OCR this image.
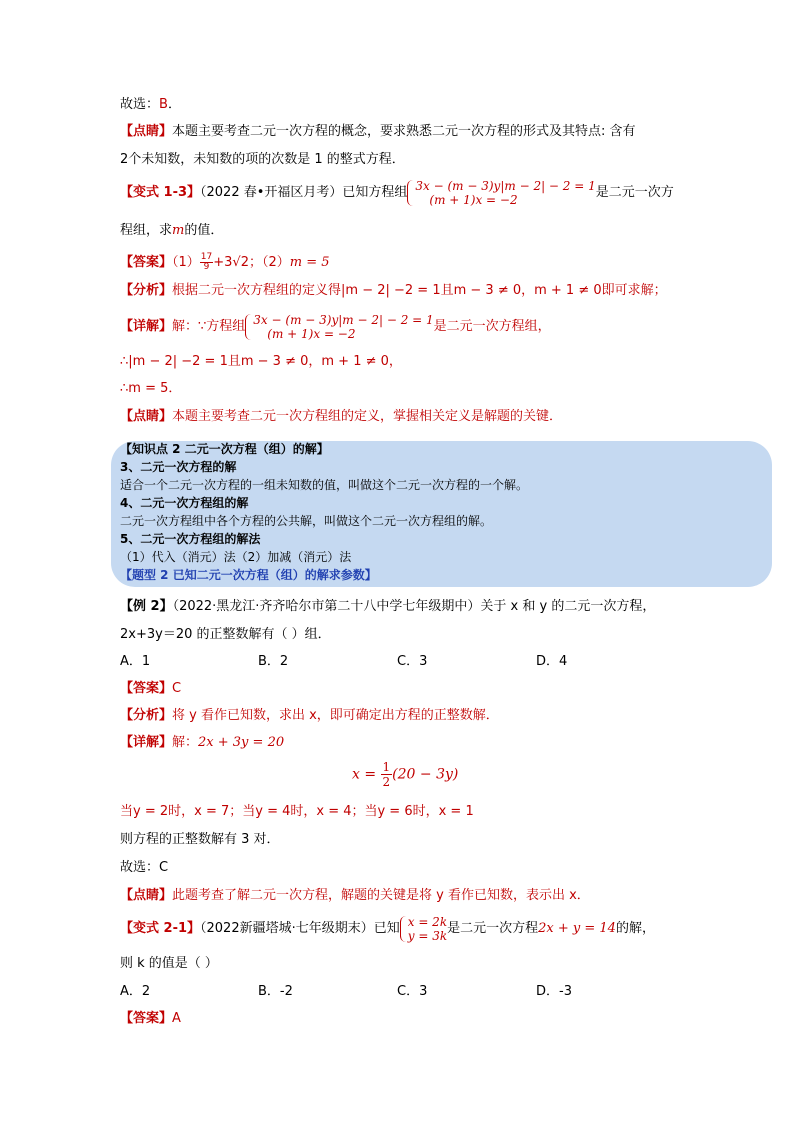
故选：B．
【点睛】本题主要考查二元一次方程的概念，要求熟悉二元一次方程的形式及其特点: 含有
2个未知数，未知数的项的次数是 1 的整式方程．
【变式 1-3】（2022 春•开福区月考）已知方程组 3x − (m − 3)y|m − 2| − 2 = 1
(m + 1)x = −2	是二元一次方
程组，求m的值．
【答案】$(1) \frac{17}{9} +3√2$；（2）m = 5
【分析】根据二元一次方程组的定义得|m − 2| −2 = 1且m − 3 ≠ 0，m + 1 ≠ 0即可求解；
【详解】解：∵方程组 3x − (m − 3)y|m − 2| − 2 = 1
(m + 1)x = −2	是二元一次方程组，
∴|m − 2| −2 = 1且m − 3 ≠ 0，m + 1 ≠ 0，
∴m = 5．
【点睛】本题主要考查二元一次方程组的定义，掌握相关定义是解题的关键．
【知识点 2 二元一次方程（组）的解】
3、二元一次方程的解
适合一个二元一次方程的一组未知数的值，叫做这个二元一次方程的一个解。
4、二元一次方程组的解
二元一次方程组中各个方程的公共解，叫做这个二元一次方程组的解。
5、二元一次方程组的解法
（1）代入（消元）法（2）加减（消元）法
【题型 2 已知二元一次方程（组）的解求参数】
【例 2】（2022·黑龙江·齐齐哈尔市第二十八中学七年级期中）关于 x 和 y 的二元一次方程，
2x+3y＝20 的正整数解有（ ）组．
A．1	B．2	C．3	D．4
【答案】C
【分析】将 y 看作已知数，求出 x，即可确定出方程的正整数解．
【详解】解：2x + 3y = 20
$x = \frac{1}{2} (20 - 3y)$
当y = 2时，x = 7；当y = 4时，x = 4；当y = 6时，x = 1
则方程的正整数解有 3 对．
故选：C
【点睛】此题考查了解二元一次方程，解题的关键是将 y 看作已知数，表示出 x．
【变式 2-1】（2022新疆塔城·七年级期末）已知 x = 2k
y = 3k 是二元一次方程2x + y = 14的解，
则 k 的值是（ ）
A．2	B．-2	C．3	D．-3
【答案】A
